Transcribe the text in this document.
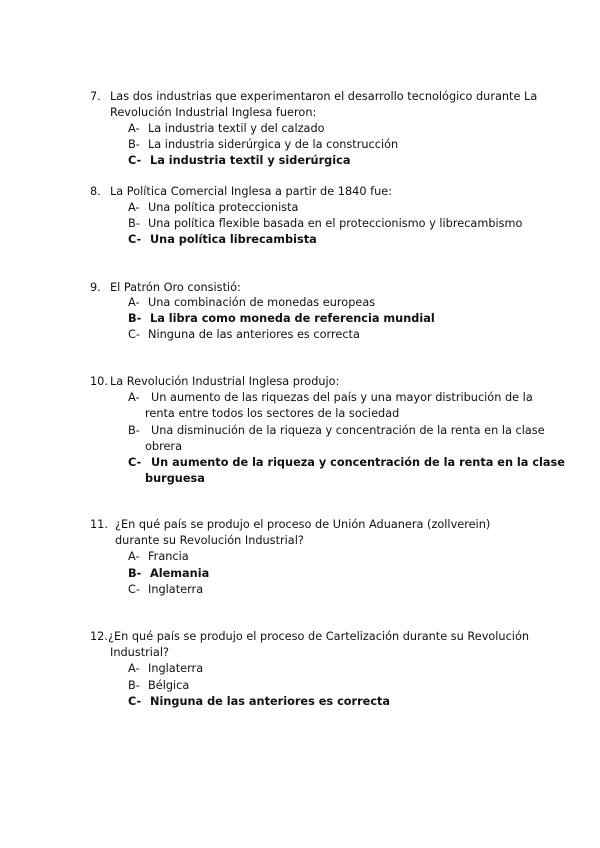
7. Las dos industrias que experimentaron el desarrollo tecnológico durante La
Revolución Industrial Inglesa fueron:
A- La industria textil y del calzado
B- La industria siderúrgica y de la construcción
C- La industria textil y siderúrgica
8. La Política Comercial Inglesa a partir de 1840 fue:
A- Una política proteccionista
B- Una política flexible basada en el proteccionismo y librecambismo
C- Una política librecambista
9. El Patrón Oro consistió:
A- Una combinación de monedas europeas
B- La libra como moneda de referencia mundial
C- Ninguna de las anteriores es correcta
10. La Revolución Industrial Inglesa produjo:
A- Un aumento de las riquezas del país y una mayor distribución de la
renta entre todos los sectores de la sociedad
B- Una disminución de la riqueza y concentración de la renta en la clase
obrera
C- Un aumento de la riqueza y concentración de la renta en la clase
burguesa
11. ¿En qué país se produjo el proceso de Unión Aduanera (zollverein)
durante su Revolución Industrial?
A- Francia
B- Alemania
C- Inglaterra
12. ¿En qué país se produjo el proceso de Cartelización durante su Revolución
Industrial?
A- Inglaterra
B- Bélgica
C- Ninguna de las anteriores es correcta
